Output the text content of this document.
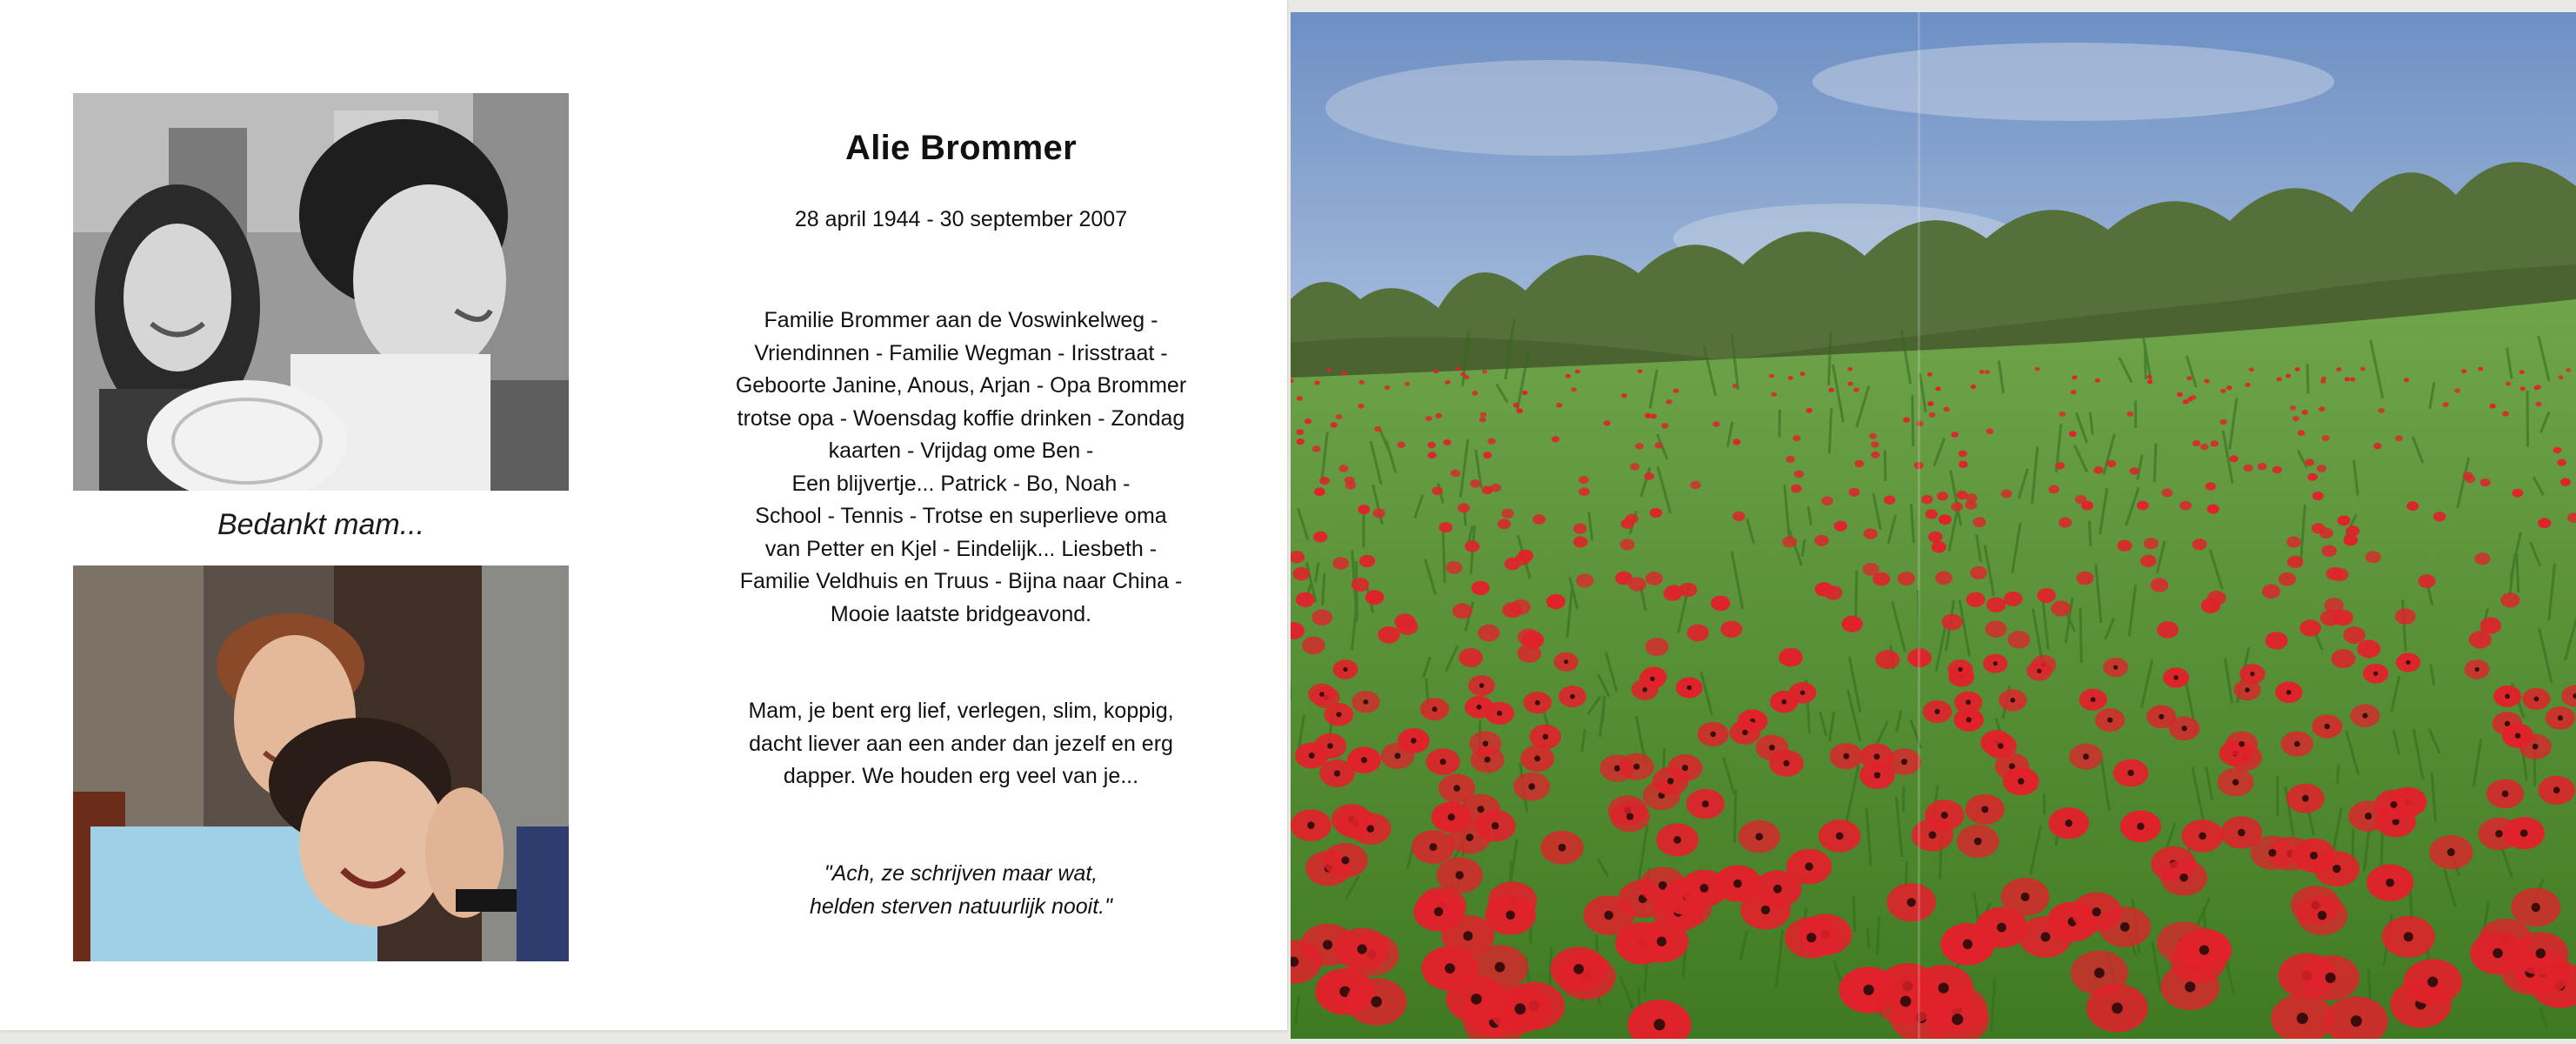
Bedankt mam...
Alie Brommer
28 april 1944 - 30 september 2007
Familie Brommer aan de Voswinkelweg -
Vriendinnen - Familie Wegman - Irisstraat -
Geboorte Janine, Anous, Arjan - Opa Brommer
trotse opa - Woensdag koffie drinken - Zondag
kaarten - Vrijdag ome Ben -
Een blijvertje... Patrick - Bo, Noah -
School - Tennis - Trotse en superlieve oma
van Petter en Kjel - Eindelijk... Liesbeth -
Familie Veldhuis en Truus - Bijna naar China -
Mooie laatste bridgeavond.
Mam, je bent erg lief, verlegen, slim, koppig,
dacht liever aan een ander dan jezelf en erg
dapper. We houden erg veel van je...
"Ach, ze schrijven maar wat,
helden sterven natuurlijk nooit."
